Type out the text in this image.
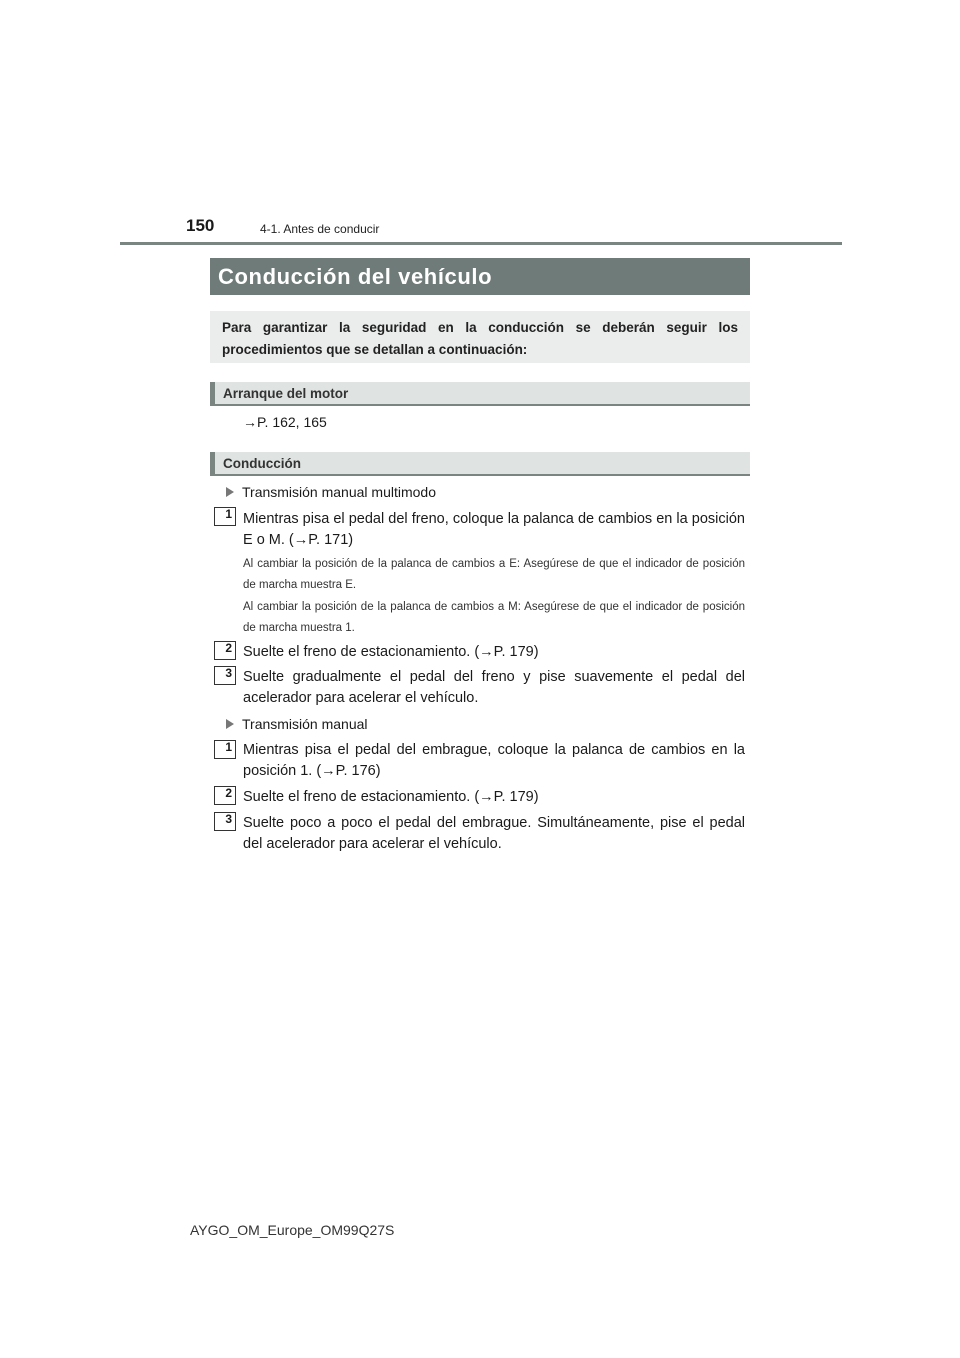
150	4-1. Antes de conducir
Conducción del vehículo
Para garantizar la seguridad en la conducción se deberán seguir los procedimientos que se detallan a continuación:
Arranque del motor
→P. 162, 165
Conducción
Transmisión manual multimodo
1 Mientras pisa el pedal del freno, coloque la palanca de cambios en la posición E o M. (→P. 171)
Al cambiar la posición de la palanca de cambios a E: Asegúrese de que el indicador de posición de marcha muestra E.
Al cambiar la posición de la palanca de cambios a M: Asegúrese de que el indicador de posición de marcha muestra 1.
2 Suelte el freno de estacionamiento. (→P. 179)
3 Suelte gradualmente el pedal del freno y pise suavemente el pedal del acelerador para acelerar el vehículo.
Transmisión manual
1 Mientras pisa el pedal del embrague, coloque la palanca de cambios en la posición 1. (→P. 176)
2 Suelte el freno de estacionamiento. (→P. 179)
3 Suelte poco a poco el pedal del embrague. Simultáneamente, pise el pedal del acelerador para acelerar el vehículo.
AYGO_OM_Europe_OM99Q27S
